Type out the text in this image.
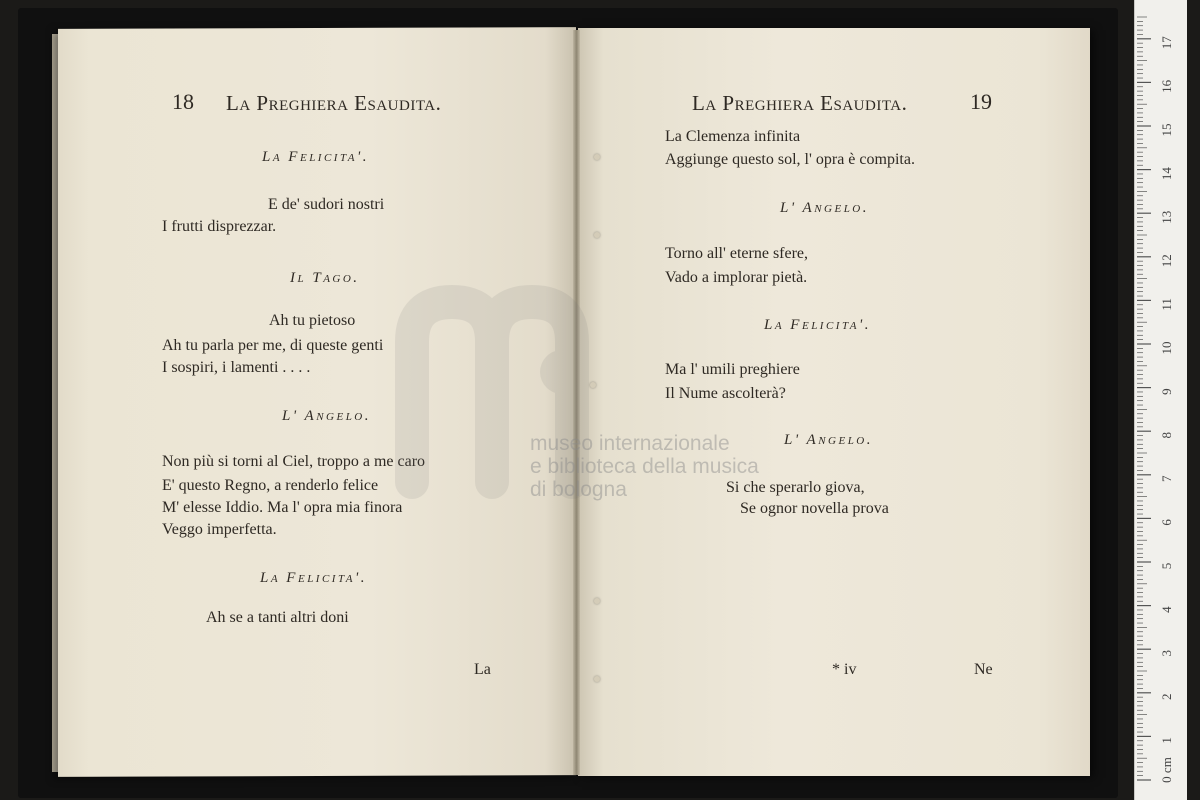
18 La Preghiera Esaudita.
La Felicita'.
E de' sudori nostri
I frutti disprezzar.
Il Tago.
Ah tu pietoso
Ah tu parla per me, di queste genti
I sospiri, i lamenti . . . .
L' Angelo.
Non più si torni al Ciel, troppo a me caro
E' questo Regno, a renderlo felice
M' elesse Iddio. Ma l' opra mia finora
Veggo imperfetta.
La Felicita'.
Ah se a tanti altri doni
La
La Preghiera Esaudita.	19
La Clemenza infinita
Aggiunge questo sol, l' opra è compita.
L' Angelo.
Torno all' eterne sfere,
Vado a implorar pietà.
La Felicita'.
Ma l' umili preghiere
Il Nume ascolterà?
L' Angelo.
Si che sperarlo giova,
Se ognor novella prova
* iv	Ne
museo internazionale
e biblioteca della musica
di bologna
0 cm
1
2
3
4
5
6
7
8
9
10
11
12
13
14
15
16
17
